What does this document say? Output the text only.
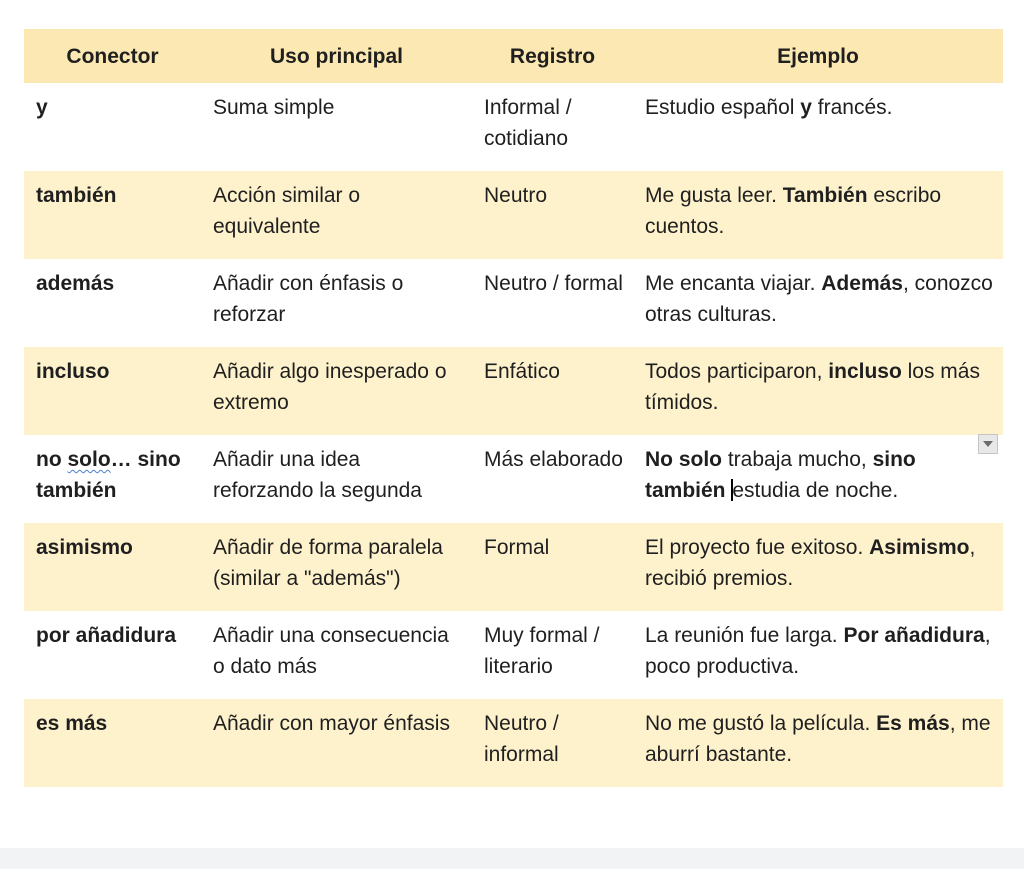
Conector	Uso principal	Registro	Ejemplo
y	Suma simple	Informal / cotidiano	Estudio español y francés.
también	Acción similar o equivalente	Neutro	Me gusta leer. También escribo cuentos.
además	Añadir con énfasis o reforzar	Neutro / formal	Me encanta viajar. Además, conozco otras culturas.
incluso	Añadir algo inesperado o extremo	Enfático	Todos participaron, incluso los más tímidos.
no solo… sino también	Añadir una idea reforzando la segunda	Más elaborado	No solo trabaja mucho, sino también estudia de noche.
asimismo	Añadir de forma paralela (similar a "además")	Formal	El proyecto fue exitoso. Asimismo, recibió premios.
por añadidura	Añadir una consecuencia o dato más	Muy formal / literario	La reunión fue larga. Por añadidura, poco productiva.
es más	Añadir con mayor énfasis	Neutro / informal	No me gustó la película. Es más, me aburrí bastante.
